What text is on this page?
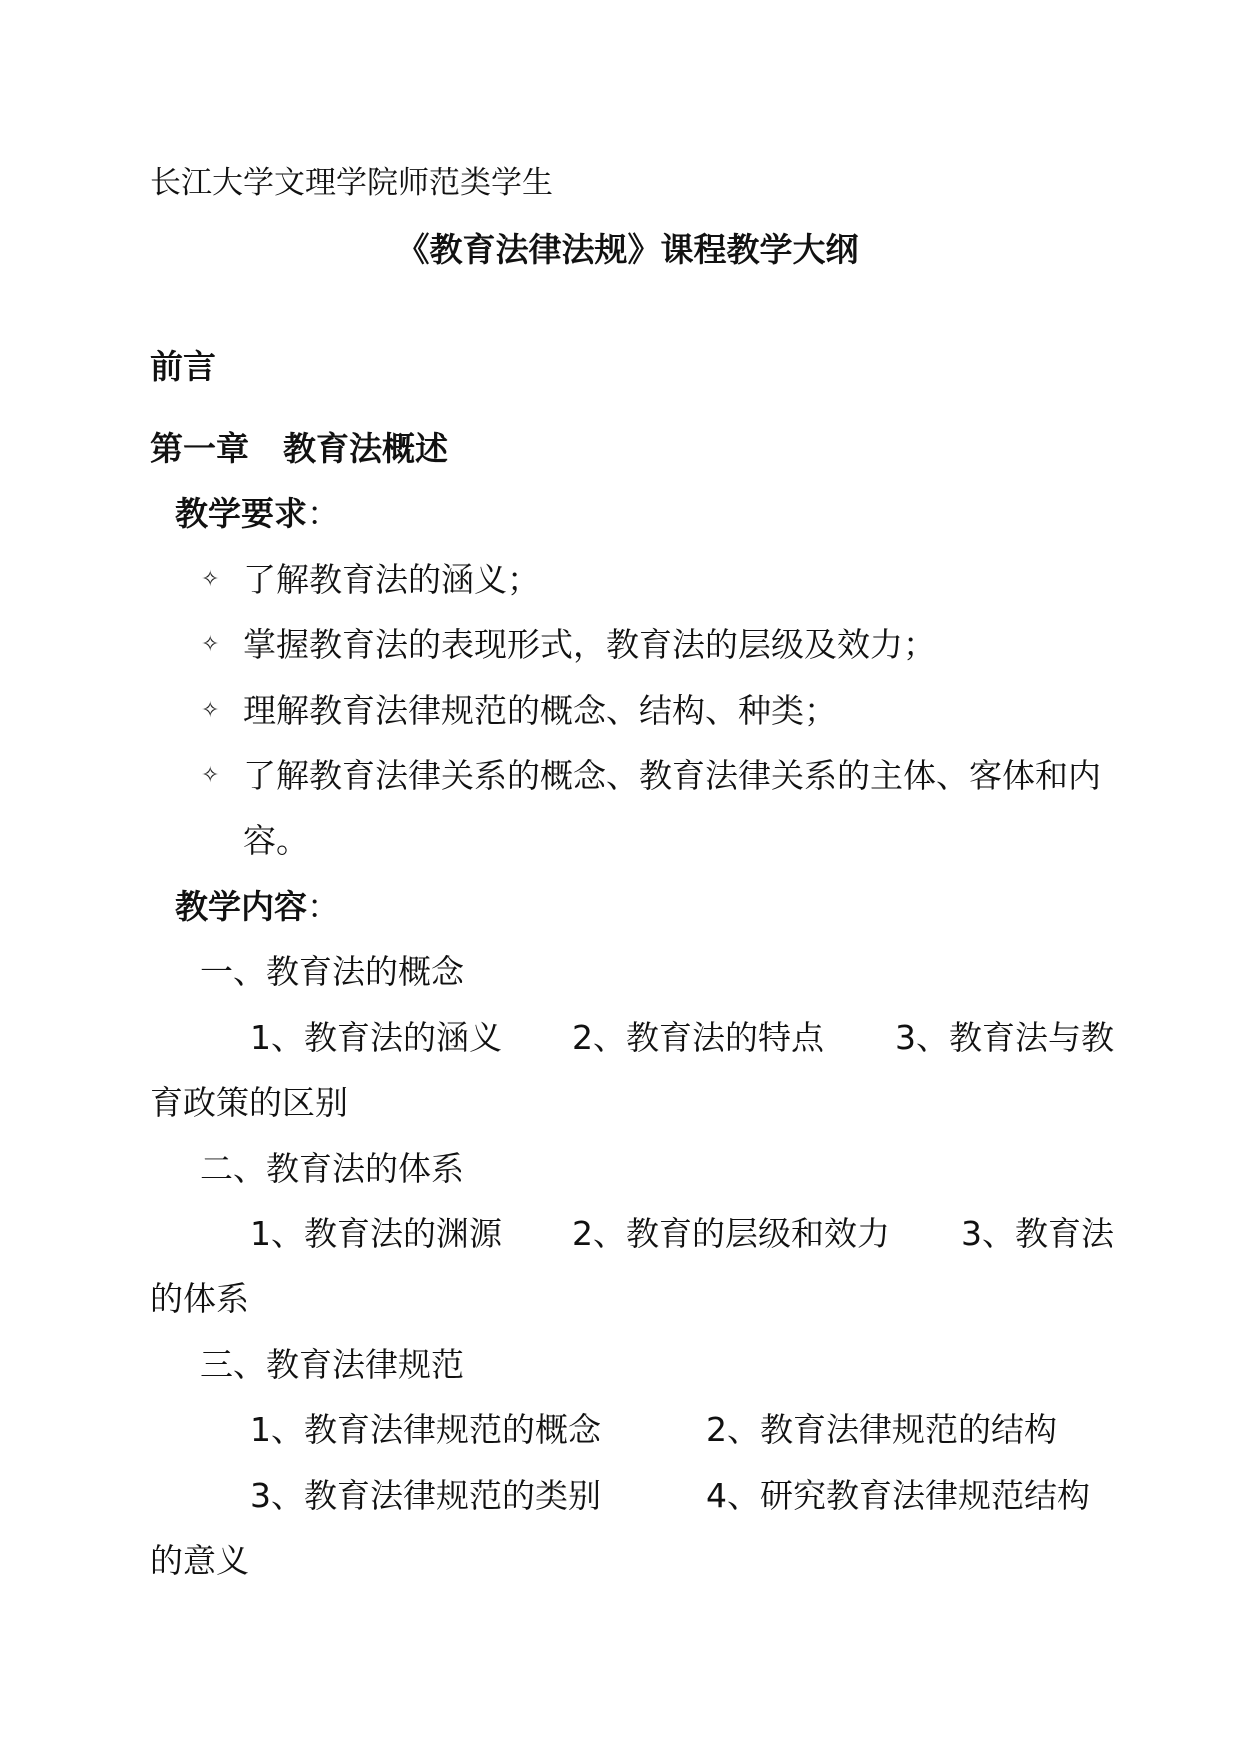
长江大学文理学院师范类学生
《教育法律法规》课程教学大纲
前言
第一章 教育法概述
教学要求：
✧ 了解教育法的涵义；
✧ 掌握教育法的表现形式，教育法的层级及效力；
✧ 理解教育法律规范的概念、结构、种类；
✧ 了解教育法律关系的概念、教育法律关系的主体、客体和内
容。
教学内容：
一、教育法的概念
1、教育法的涵义 2、教育法的特点 3、教育法与教
育政策的区别
二、教育法的体系
1、教育法的渊源 2、教育的层级和效力 3、教育法
的体系
三、教育法律规范
1、教育法律规范的概念	2、教育法律规范的结构
3、教育法律规范的类别	4、研究教育法律规范结构
的意义
